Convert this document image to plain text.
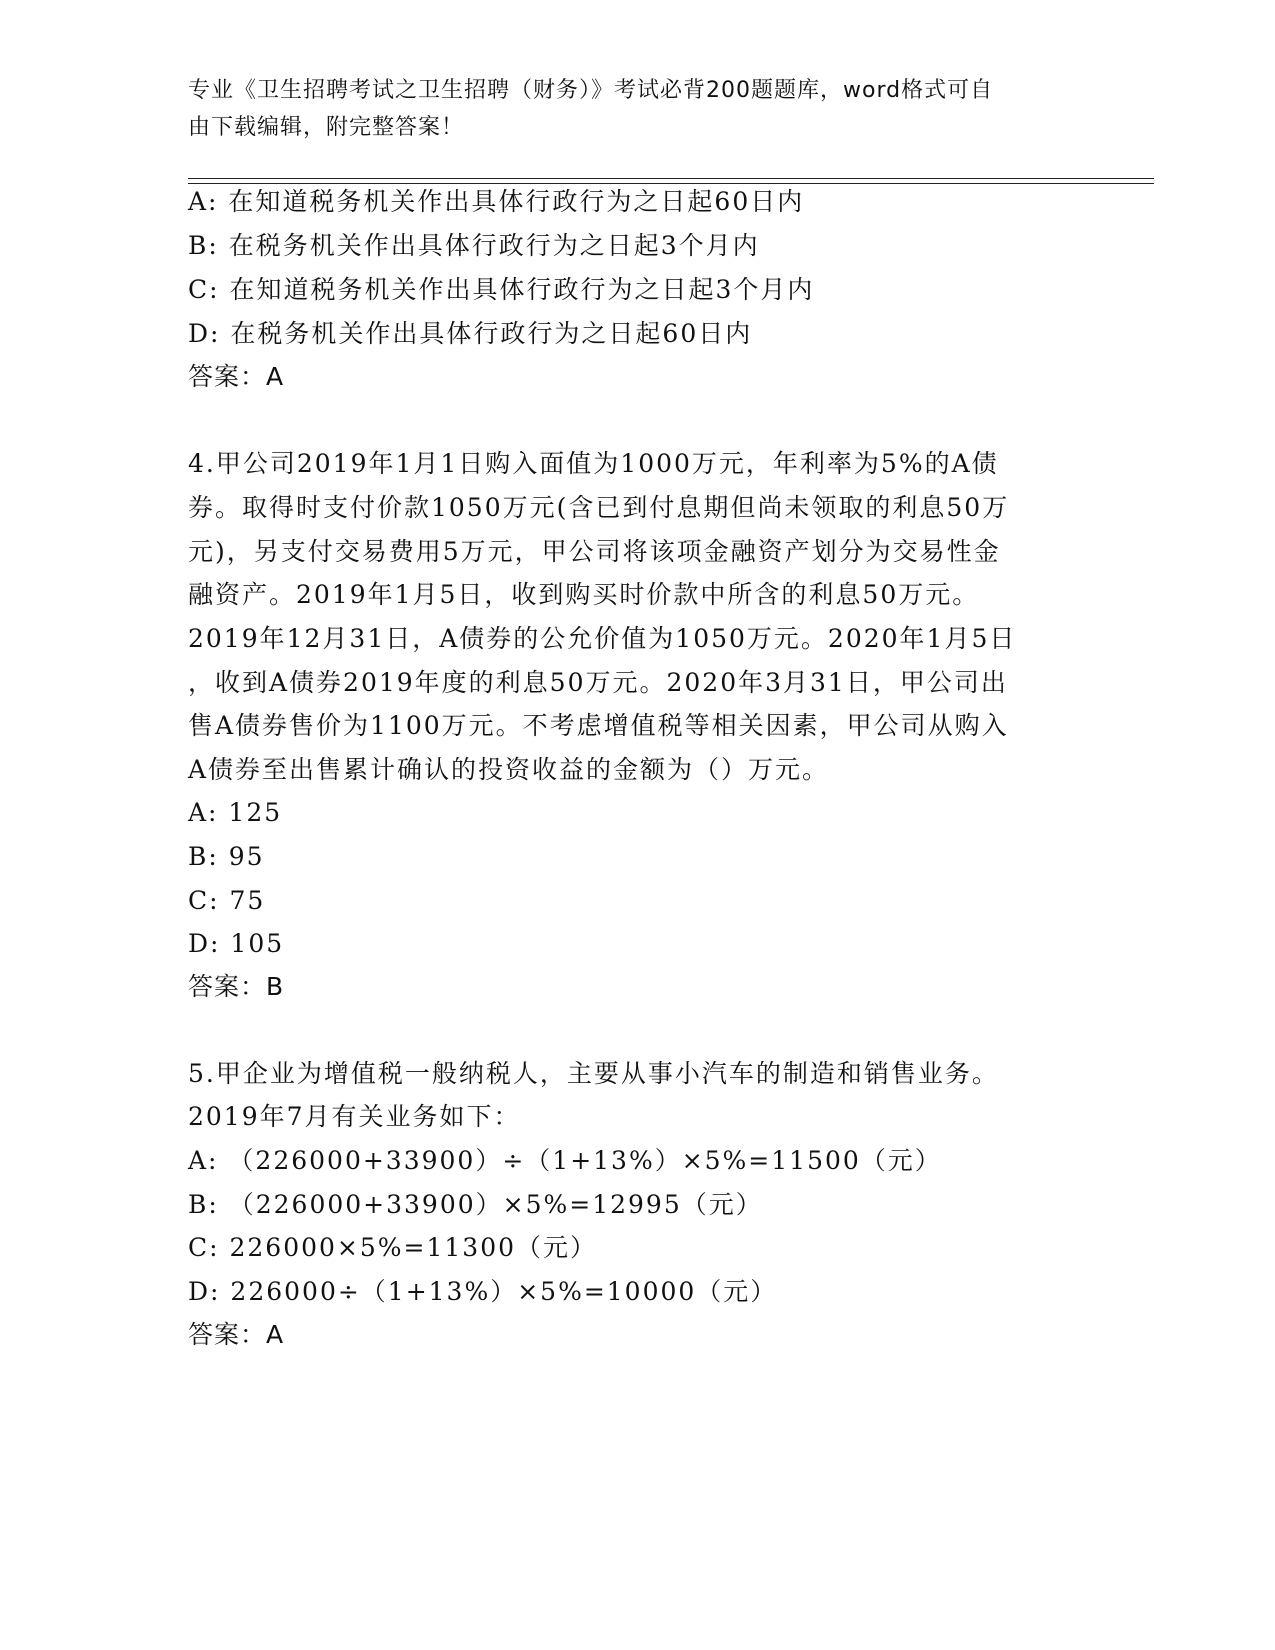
专业《卫生招聘考试之卫生招聘（财务）》考试必背200题题库，word格式可自
由下载编辑，附完整答案！
A: 在知道税务机关作出具体行政行为之日起60日内
B: 在税务机关作出具体行政行为之日起3个月内
C: 在知道税务机关作出具体行政行为之日起3个月内
D: 在税务机关作出具体行政行为之日起60日内
答案：A
4.甲公司2019年1月1日购入面值为1000万元，年利率为5%的A债
券。取得时支付价款1050万元(含已到付息期但尚未领取的利息50万
元)，另支付交易费用5万元，甲公司将该项金融资产划分为交易性金
融资产。2019年1月5日，收到购买时价款中所含的利息50万元。
2019年12月31日，A债券的公允价值为1050万元。2020年1月5日
，收到A债券2019年度的利息50万元。2020年3月31日，甲公司出
售A债券售价为1100万元。不考虑增值税等相关因素，甲公司从购入
A债券至出售累计确认的投资收益的金额为（）万元。
A: 125
B: 95
C: 75
D: 105
答案：B
5.甲企业为增值税一般纳税人，主要从事小汽车的制造和销售业务。
2019年7月有关业务如下：
A: （226000+33900）÷（1+13%）×5%=11500（元）
B: （226000+33900）×5%=12995（元）
C: 226000×5%=11300（元）
D: 226000÷（1+13%）×5%=10000（元）
答案：A
